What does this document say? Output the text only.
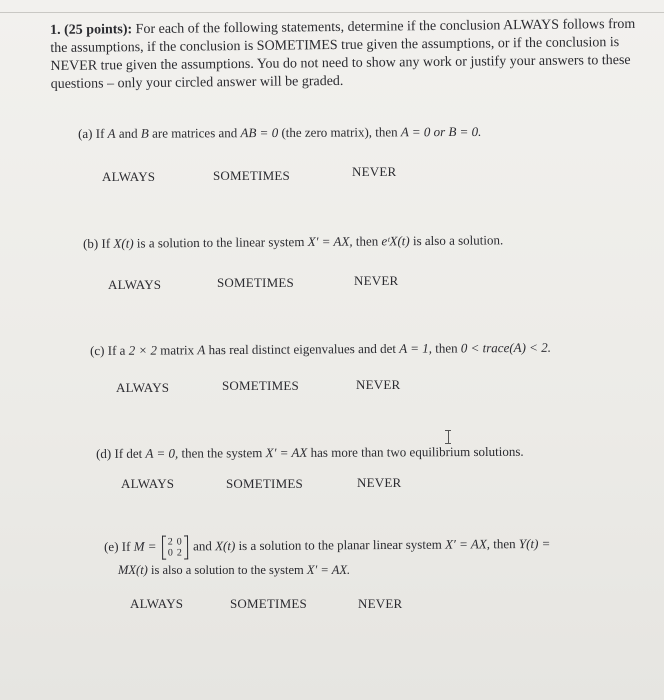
1. (25 points): For each of the following statements, determine if the conclusion ALWAYS follows from the assumptions, if the conclusion is SOMETIMES true given the assumptions, or if the conclusion is NEVER true given the assumptions. You do not need to show any work or justify your answers to these questions – only your circled answer will be graded.
(a) If A and B are matrices and AB = 0 (the zero matrix), then A = 0 or B = 0.
ALWAYS	SOMETIMES	NEVER
(b) If X(t) is a solution to the linear system X′ = AX, then eᵗX(t) is also a solution.
ALWAYS	SOMETIMES	NEVER
(c) If a 2 × 2 matrix A has real distinct eigenvalues and det A = 1, then 0 < trace(A) < 2.
ALWAYS	SOMETIMES	NEVER
(d) If det A = 0, then the system X′ = AX has more than two equilibrium solutions.
ALWAYS	SOMETIMES	NEVER
(e) If M = 2 0
0 2 and X(t) is a solution to the planar linear system X′ = AX, then Y(t) =
MX(t) is also a solution to the system X′ = AX.
ALWAYS	SOMETIMES	NEVER
